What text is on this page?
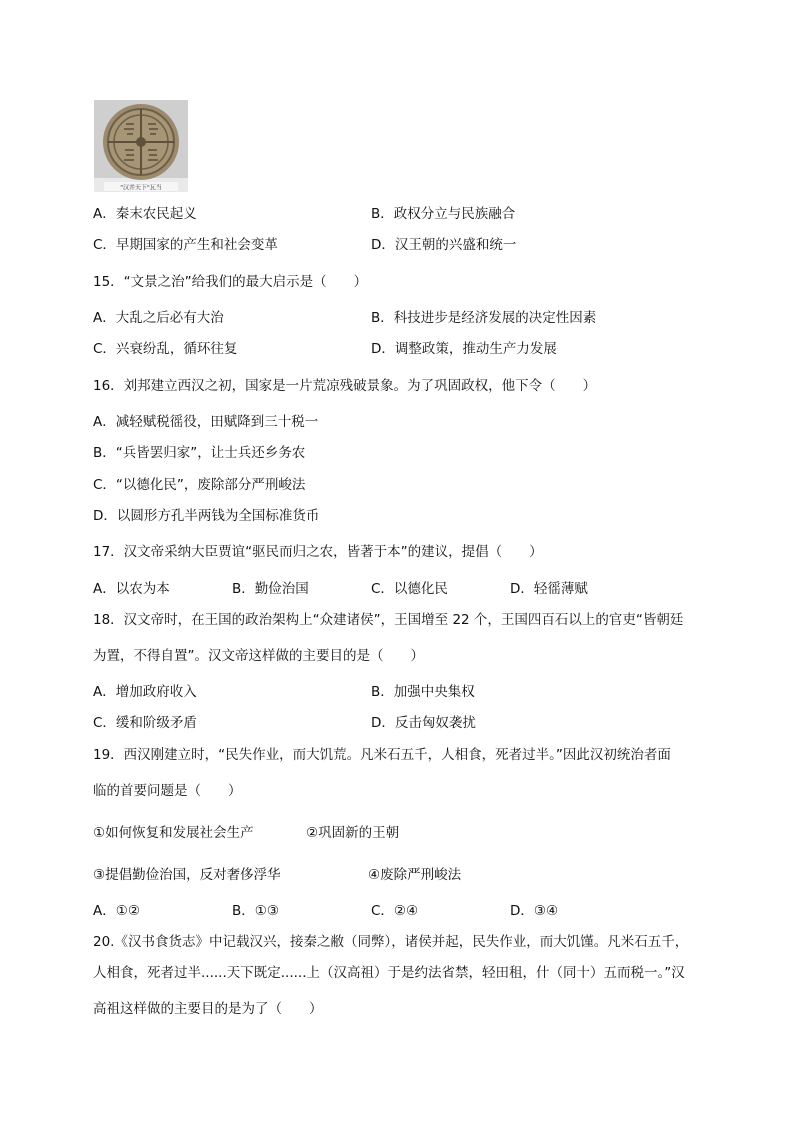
"汉并天下"瓦当
A．秦末农民起义	B．政权分立与民族融合
C．早期国家的产生和社会变革	D．汉王朝的兴盛和统一
15．“文景之治”给我们的最大启示是（　　）
A．大乱之后必有大治	B．科技进步是经济发展的决定性因素
C．兴衰纷乱，循环往复	D．调整政策，推动生产力发展
16．刘邦建立西汉之初，国家是一片荒凉残破景象。为了巩固政权，他下令（　　）
A．减轻赋税徭役，田赋降到三十税一
B．“兵皆罢归家”，让士兵还乡务农
C．“以德化民”，废除部分严刑峻法
D．以圆形方孔半两钱为全国标准货币
17．汉文帝采纳大臣贾谊“驱民而归之农，皆著于本”的建议，提倡（　　）
A．以农为本	B．勤俭治国	C．以德化民	D．轻徭薄赋
18．汉文帝时，在王国的政治架构上“众建诸侯”，王国增至 22 个，王国四百石以上的官吏“皆朝廷
为置，不得自置”。汉文帝这样做的主要目的是（　　）
A．增加政府收入	B．加强中央集权
C．缓和阶级矛盾	D．反击匈奴袭扰
19．西汉刚建立时，“民失作业，而大饥荒。凡米石五千，人相食，死者过半。”因此汉初统治者面
临的首要问题是（　　）
①如何恢复和发展社会生产	②巩固新的王朝
③提倡勤俭治国，反对奢侈浮华	④废除严刑峻法
A．①②	B．①③	C．②④	D．③④
20.《汉书食货志》中记载汉兴，接秦之敝（同弊），诸侯并起，民失作业，而大饥馑。凡米石五千，
人相食，死者过半......天下既定......上（汉高祖）于是约法省禁，轻田租，什（同十）五而税一。”汉
高祖这样做的主要目的是为了（　　）
